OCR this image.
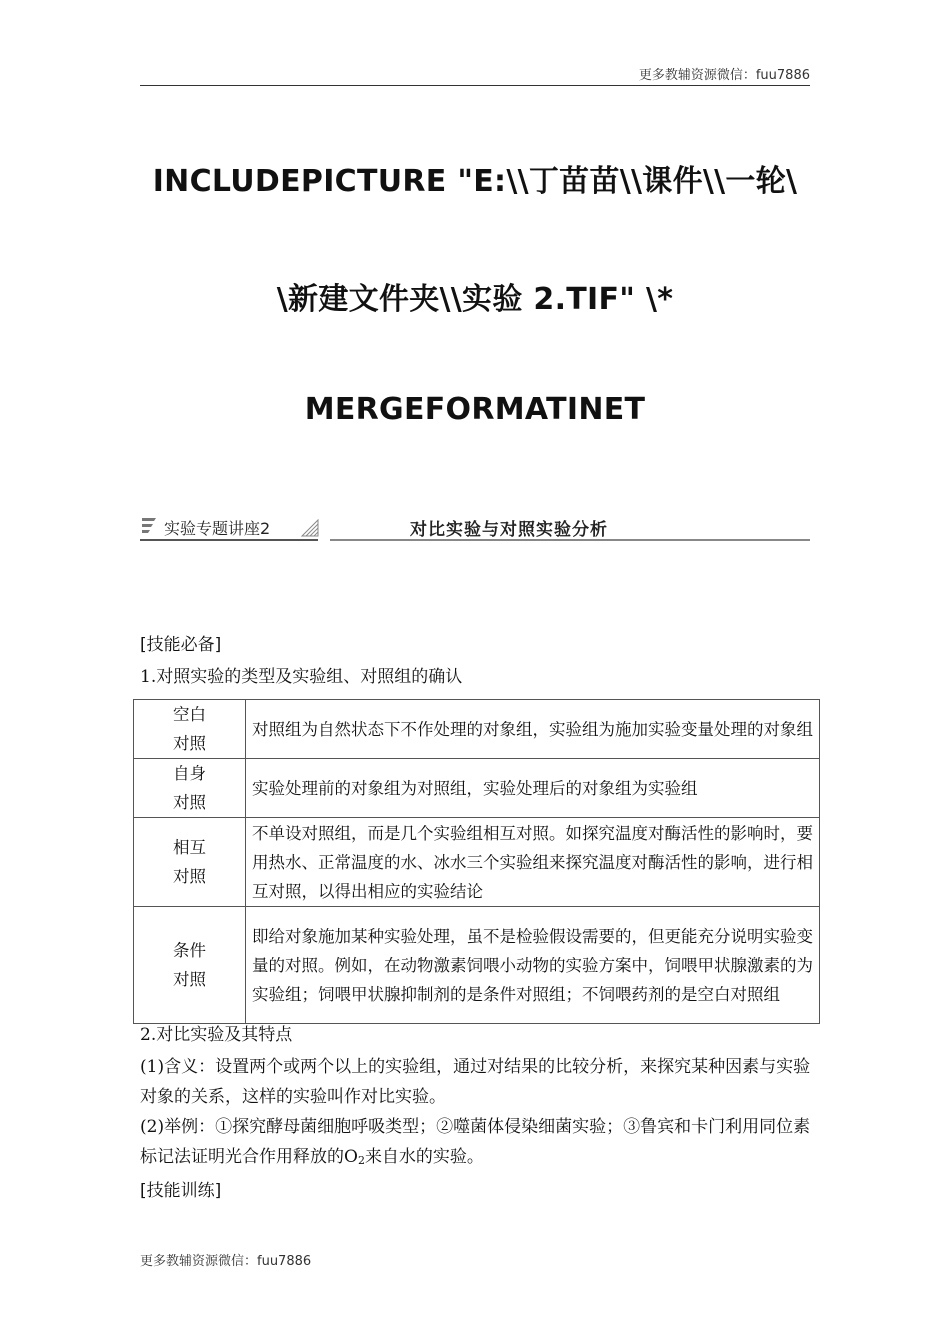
更多教辅资源微信：fuu7886
INCLUDEPICTURE "E:\\丁苗苗\\课件\\一轮\
\新建文件夹\\实验 2.TIF" \*
MERGEFORMATINET
实验专题讲座2	对比实验与对照实验分析
[技能必备]
1.对照实验的类型及实验组、对照组的确认
空白
对照	对照组为自然状态下不作处理的对象组，实验组为施加实验变量处理的对象组

自身
对照	实验处理前的对象组为对照组，实验处理后的对象组为实验组

相互
对照	不单设对照组，而是几个实验组相互对照。如探究温度对酶活性的影响时，要用热水、正常温度的水、冰水三个实验组来探究温度对酶活性的影响，进行相互对照，以得出相应的实验结论

条件
对照	即给对象施加某种实验处理，虽不是检验假设需要的，但更能充分说明实验变量的对照。例如，在动物激素饲喂小动物的实验方案中，饲喂甲状腺激素的为实验组；饲喂甲状腺抑制剂的是条件对照组；不饲喂药剂的是空白对照组
2.对比实验及其特点
(1)含义：设置两个或两个以上的实验组，通过对结果的比较分析，来探究某种因素与实验对象的关系，这样的实验叫作对比实验。
(2)举例：①探究酵母菌细胞呼吸类型；②噬菌体侵染细菌实验；③鲁宾和卡门利用同位素标记法证明光合作用释放的$O_2$来自水的实验。
[技能训练]
更多教辅资源微信：fuu7886
